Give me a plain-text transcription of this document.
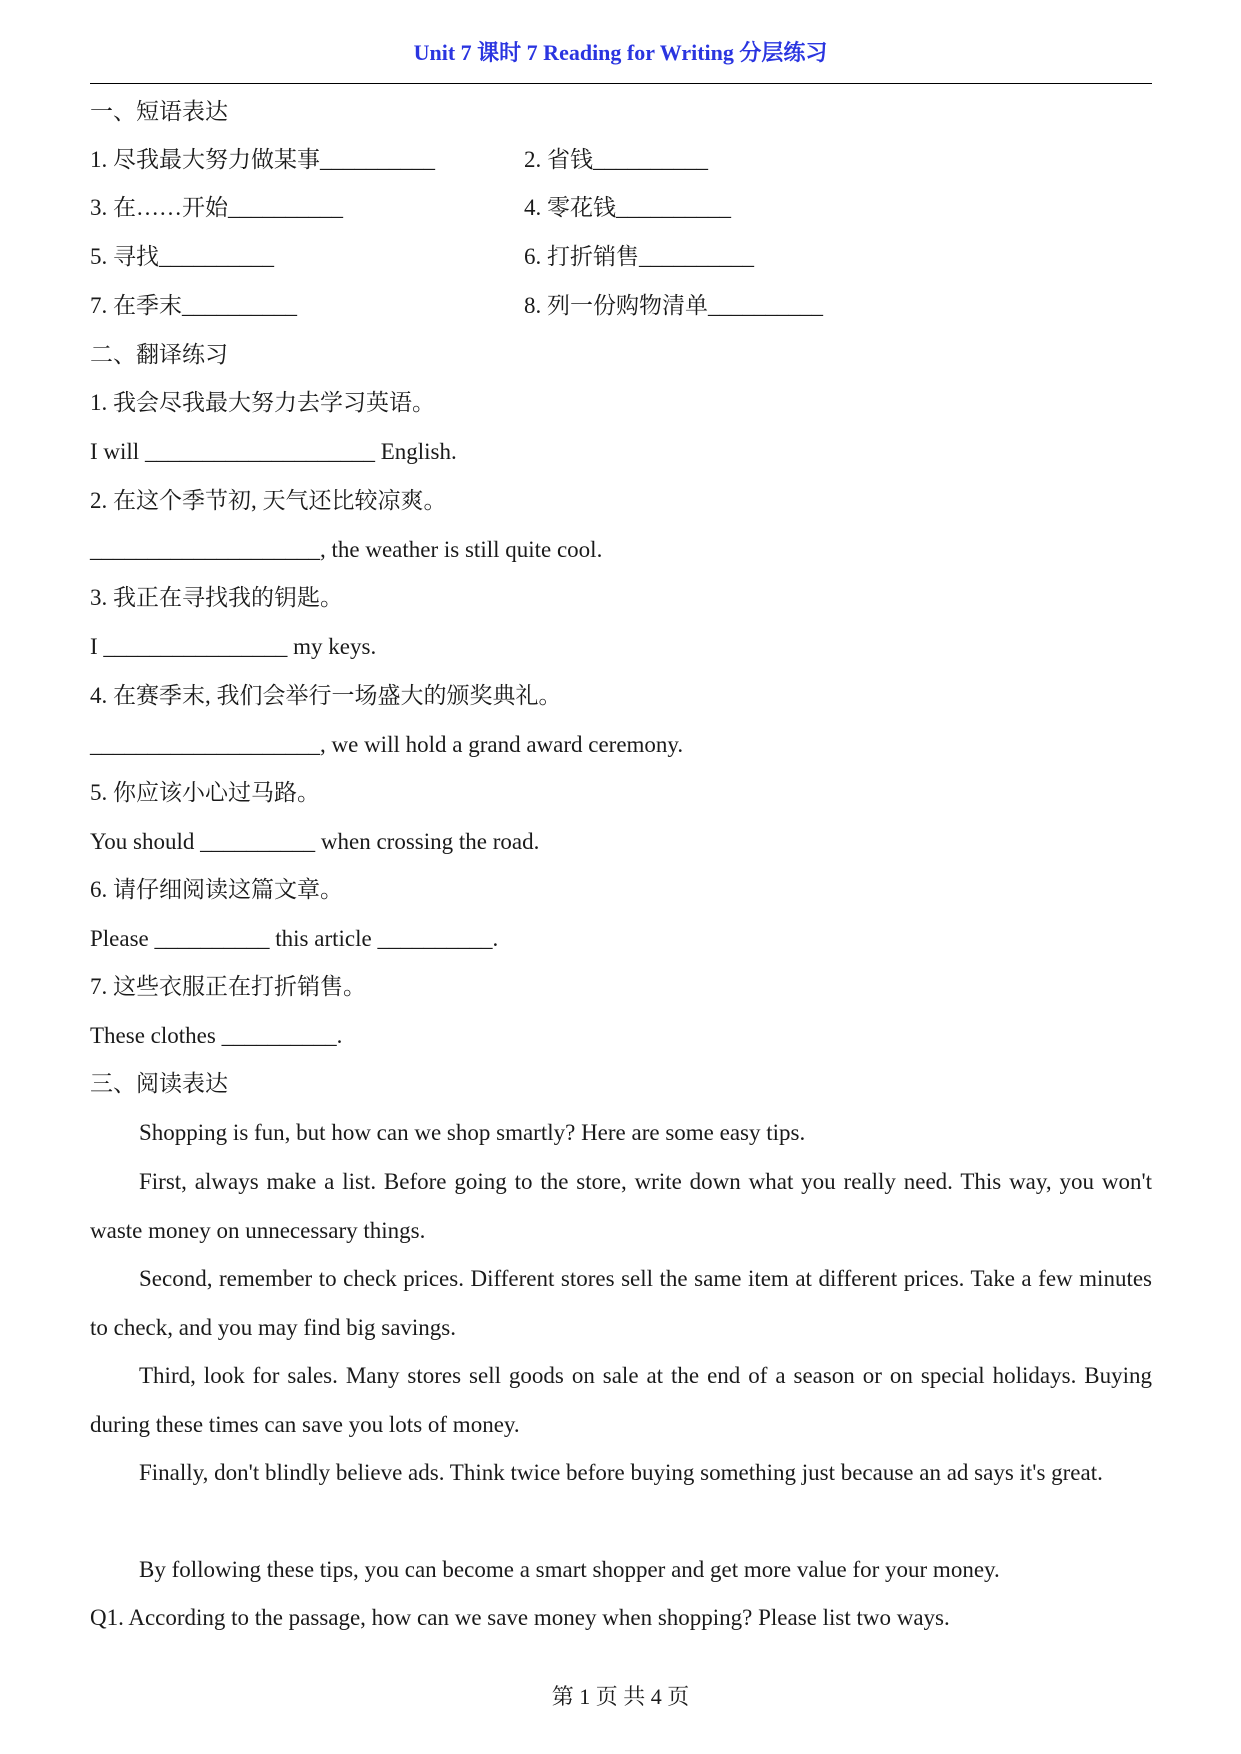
Unit 7 课时 7 Reading for Writing 分层练习
一、短语表达
1. 尽我最大努力做某事__________	2. 省钱__________
3. 在……开始__________	4. 零花钱__________
5. 寻找__________	6. 打折销售__________
7. 在季末__________	8. 列一份购物清单__________
二、翻译练习
1. 我会尽我最大努力去学习英语。
I will ____________________ English.
2. 在这个季节初, 天气还比较凉爽。
____________________, the weather is still quite cool.
3. 我正在寻找我的钥匙。
I ________________ my keys.
4. 在赛季末, 我们会举行一场盛大的颁奖典礼。
____________________, we will hold a grand award ceremony.
5. 你应该小心过马路。
You should __________ when crossing the road.
6. 请仔细阅读这篇文章。
Please __________ this article __________.
7. 这些衣服正在打折销售。
These clothes __________.
三、阅读表达
Shopping is fun, but how can we shop smartly? Here are some easy tips.
First, always make a list. Before going to the store, write down what you really need. This way, you won't waste money on unnecessary things.
Second, remember to check prices. Different stores sell the same item at different prices. Take a few minutes to check, and you may find big savings.
Third, look for sales. Many stores sell goods on sale at the end of a season or on special holidays. Buying during these times can save you lots of money.
Finally, don't blindly believe ads. Think twice before buying something just because an ad says it's great.
By following these tips, you can become a smart shopper and get more value for your money.
Q1. According to the passage, how can we save money when shopping? Please list two ways.
第 1 页 共 4 页
